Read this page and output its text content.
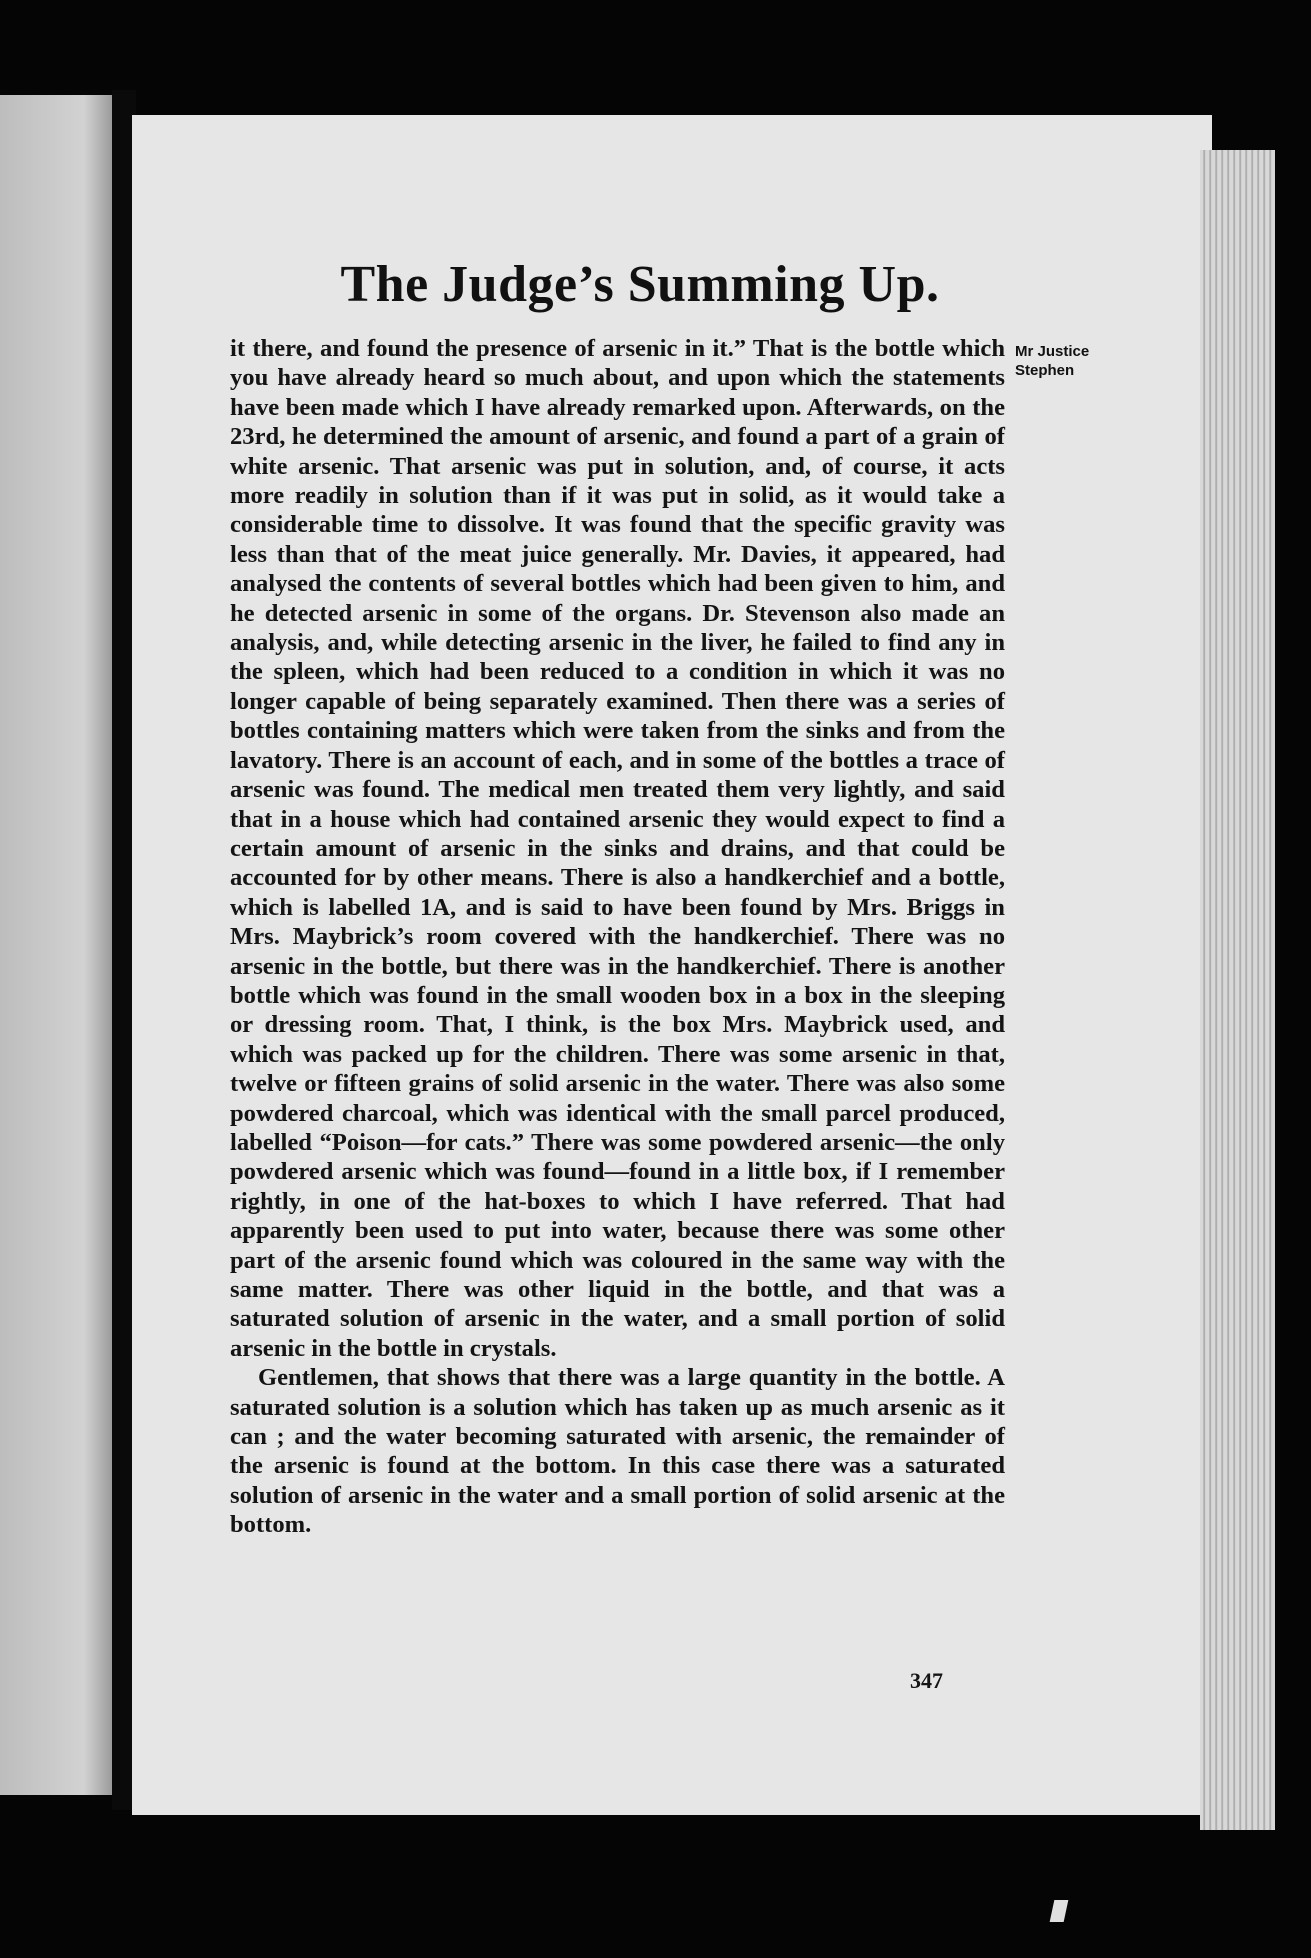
The Judge’s Summing Up.
Mr Justice
Stephen

it there, and found the presence of arsenic in it.” That is the bottle which you have already heard so much about, and upon which the statements have been made which I have already remarked upon. Afterwards, on the 23rd, he determined the amount of arsenic, and found a part of a grain of white arsenic. That arsenic was put in solution, and, of course, it acts more readily in solution than if it was put in solid, as it would take a considerable time to dissolve. It was found that the specific gravity was less than that of the meat juice generally. Mr. Davies, it appeared, had analysed the contents of several bottles which had been given to him, and he detected arsenic in some of the organs. Dr. Stevenson also made an analysis, and, while detecting arsenic in the liver, he failed to find any in the spleen, which had been reduced to a condition in which it was no longer capable of being separately examined. Then there was a series of bottles containing matters which were taken from the sinks and from the lavatory. There is an account of each, and in some of the bottles a trace of arsenic was found. The medical men treated them very lightly, and said that in a house which had contained arsenic they would expect to find a certain amount of arsenic in the sinks and drains, and that could be accounted for by other means. There is also a handkerchief and a bottle, which is labelled 1A, and is said to have been found by Mrs. Briggs in Mrs. Maybrick’s room covered with the handkerchief. There was no arsenic in the bottle, but there was in the handkerchief. There is another bottle which was found in the small wooden box in a box in the sleeping or dressing room. That, I think, is the box Mrs. Maybrick used, and which was packed up for the children. There was some arsenic in that, twelve or fifteen grains of solid arsenic in the water. There was also some powdered charcoal, which was identical with the small parcel produced, labelled “Poison—for cats.” There was some powdered arsenic—the only powdered arsenic which was found—found in a little box, if I remember rightly, in one of the hat-boxes to which I have referred. That had apparently been used to put into water, because there was some other part of the arsenic found which was coloured in the same way with the same matter. There was other liquid in the bottle, and that was a saturated solution of arsenic in the water, and a small portion of solid arsenic in the bottle in crystals.

Gentlemen, that shows that there was a large quantity in the bottle. A saturated solution is a solution which has taken up as much arsenic as it can ; and the water becoming saturated with arsenic, the remainder of the arsenic is found at the bottom. In this case there was a saturated solution of arsenic in the water and a small portion of solid arsenic at the bottom.

347
